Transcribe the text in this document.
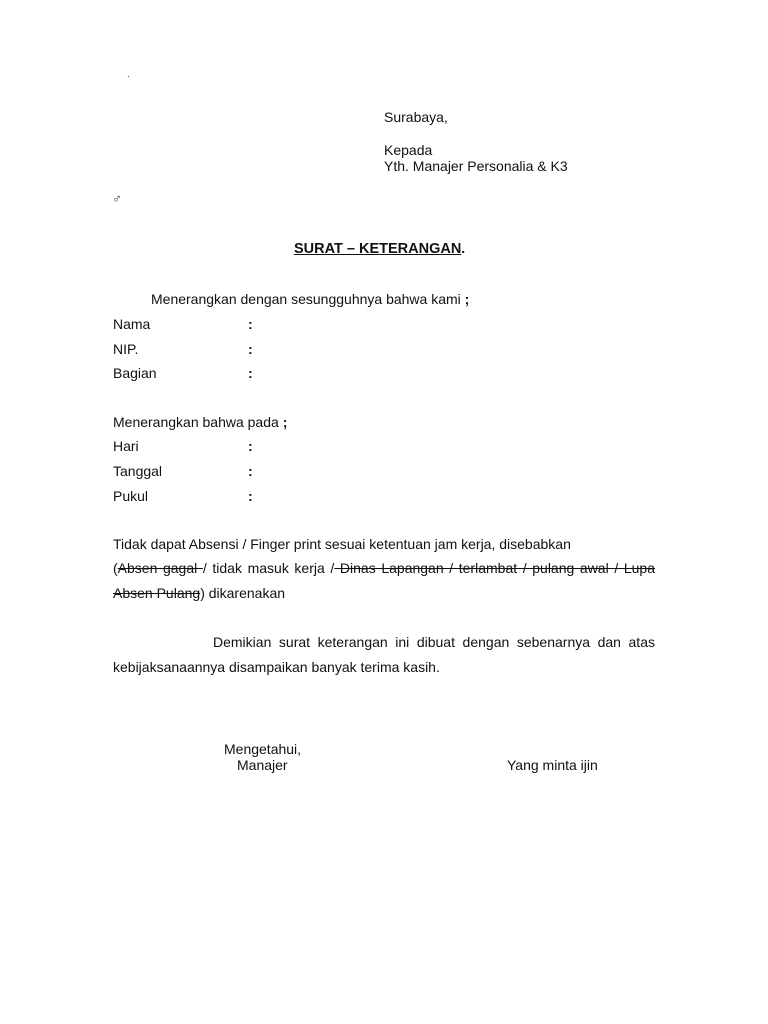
.
Surabaya,
Kepada
Yth. Manajer Personalia & K3
♂
SURAT – KETERANGAN.
Menerangkan dengan sesungguhnya bahwa kami ;
Nama	:
NIP.	:
Bagian	:
Menerangkan bahwa pada ;
Hari	:
Tanggal	:
Pukul	:
Tidak dapat Absensi / Finger print sesuai ketentuan jam kerja, disebabkan
(Absen gagal / tidak masuk kerja / Dinas Lapangan / terlambat / pulang awal / Lupa Absen Pulang) dikarenakan
Demikian surat keterangan ini dibuat dengan sebenarnya dan atas kebijaksanaannya disampaikan banyak terima kasih.
Mengetahui,
Manajer	Yang minta ijin
